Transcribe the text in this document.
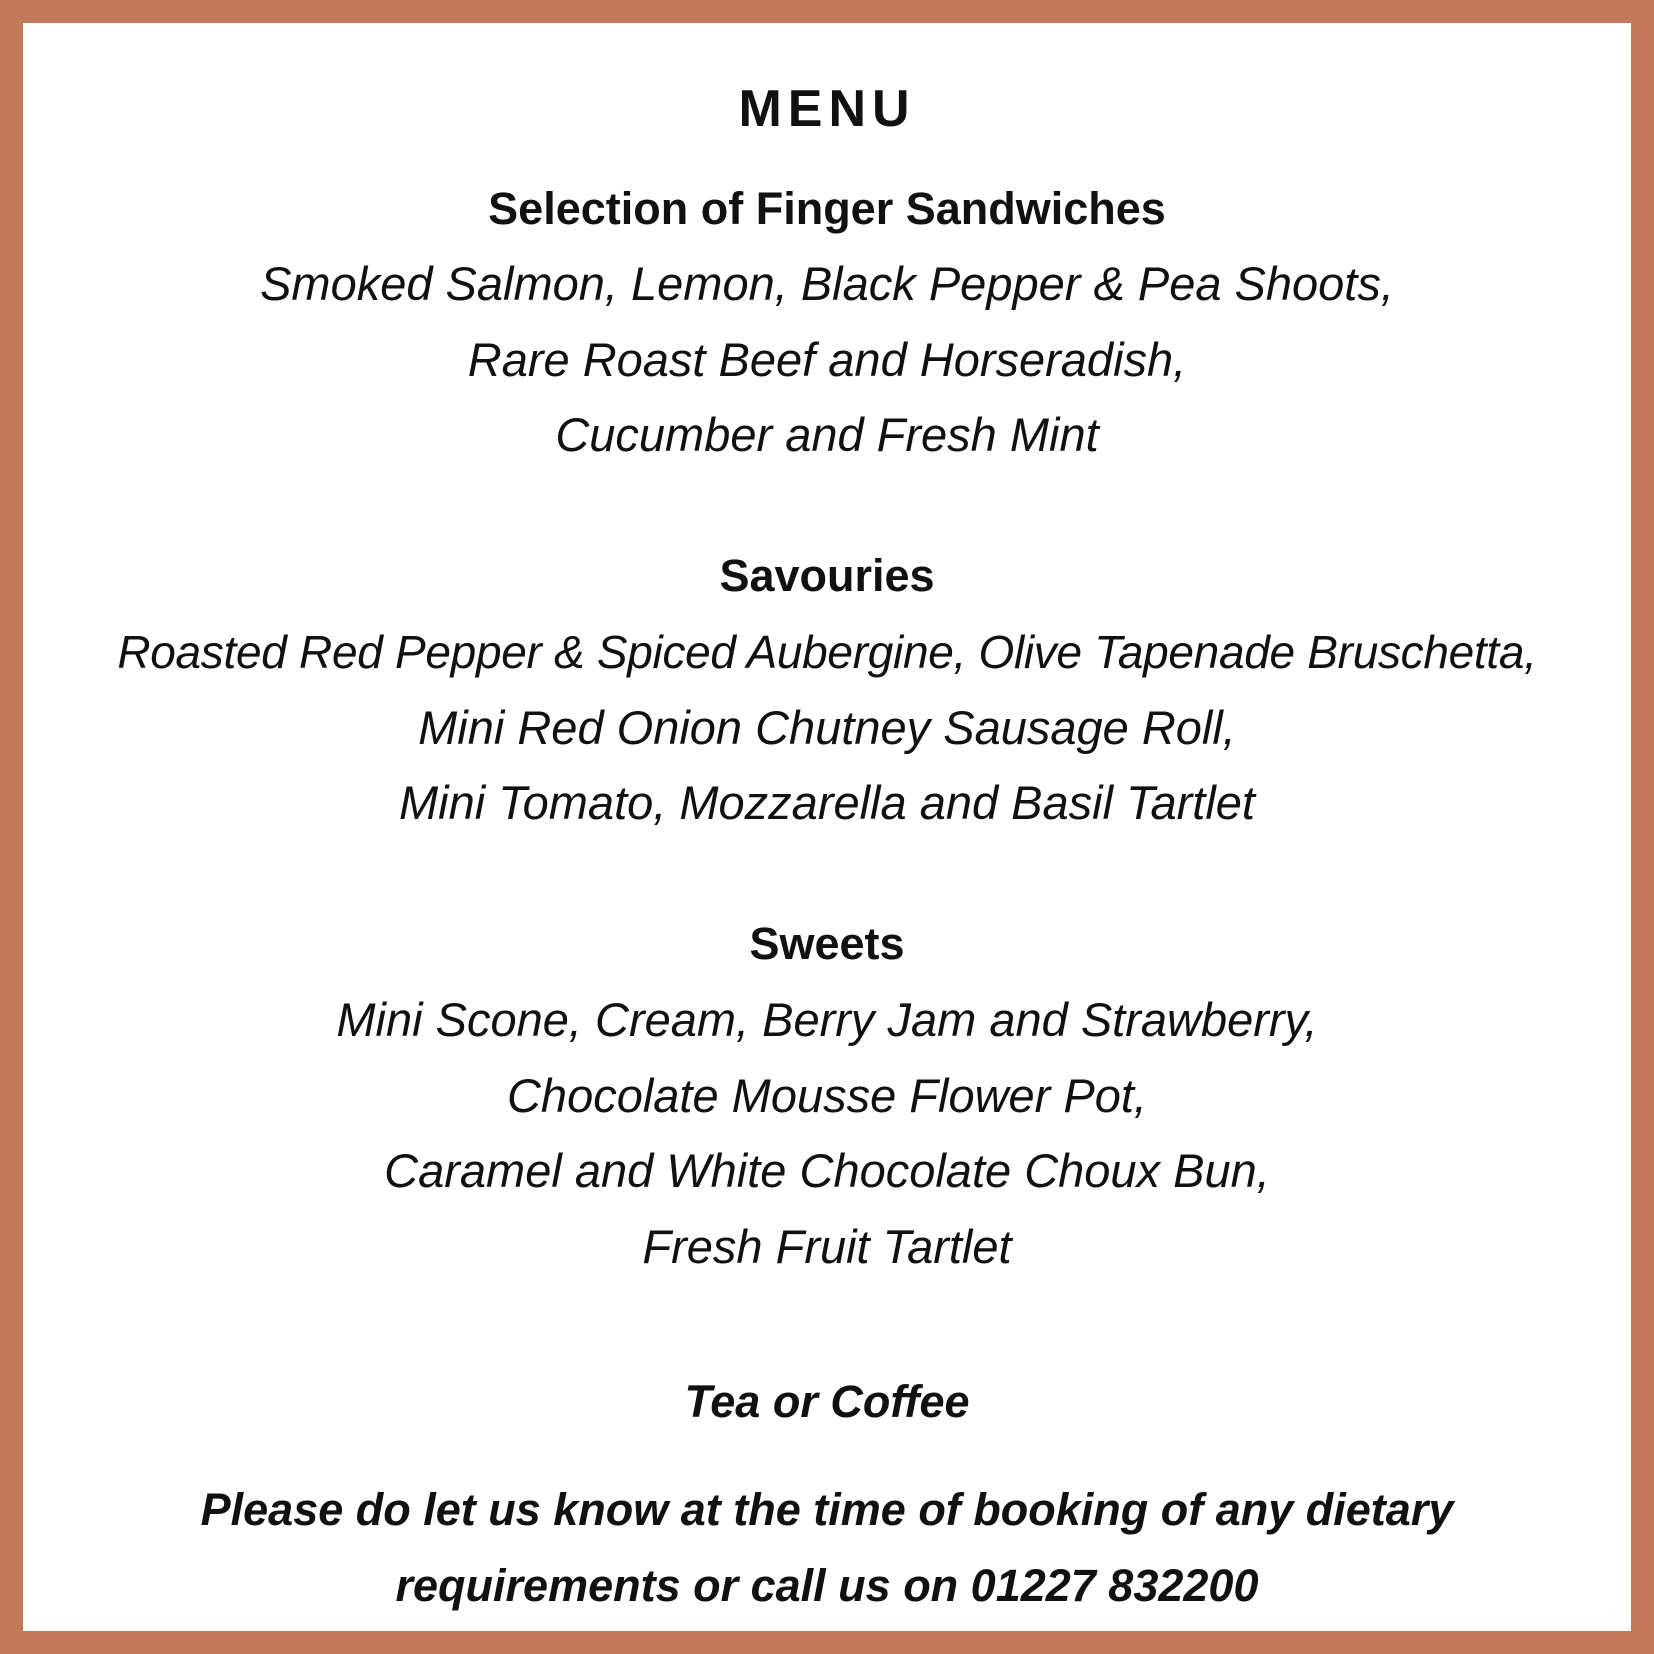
MENU
Selection of Finger Sandwiches
Smoked Salmon, Lemon, Black Pepper & Pea Shoots,
Rare Roast Beef and Horseradish,
Cucumber and Fresh Mint
Savouries
Roasted Red Pepper & Spiced Aubergine, Olive Tapenade Bruschetta,
Mini Red Onion Chutney Sausage Roll,
Mini Tomato, Mozzarella and Basil Tartlet
Sweets
Mini Scone, Cream, Berry Jam and Strawberry,
Chocolate Mousse Flower Pot,
Caramel and White Chocolate Choux Bun,
Fresh Fruit Tartlet
Tea or Coffee
Please do let us know at the time of booking of any dietary
requirements or call us on 01227 832200
